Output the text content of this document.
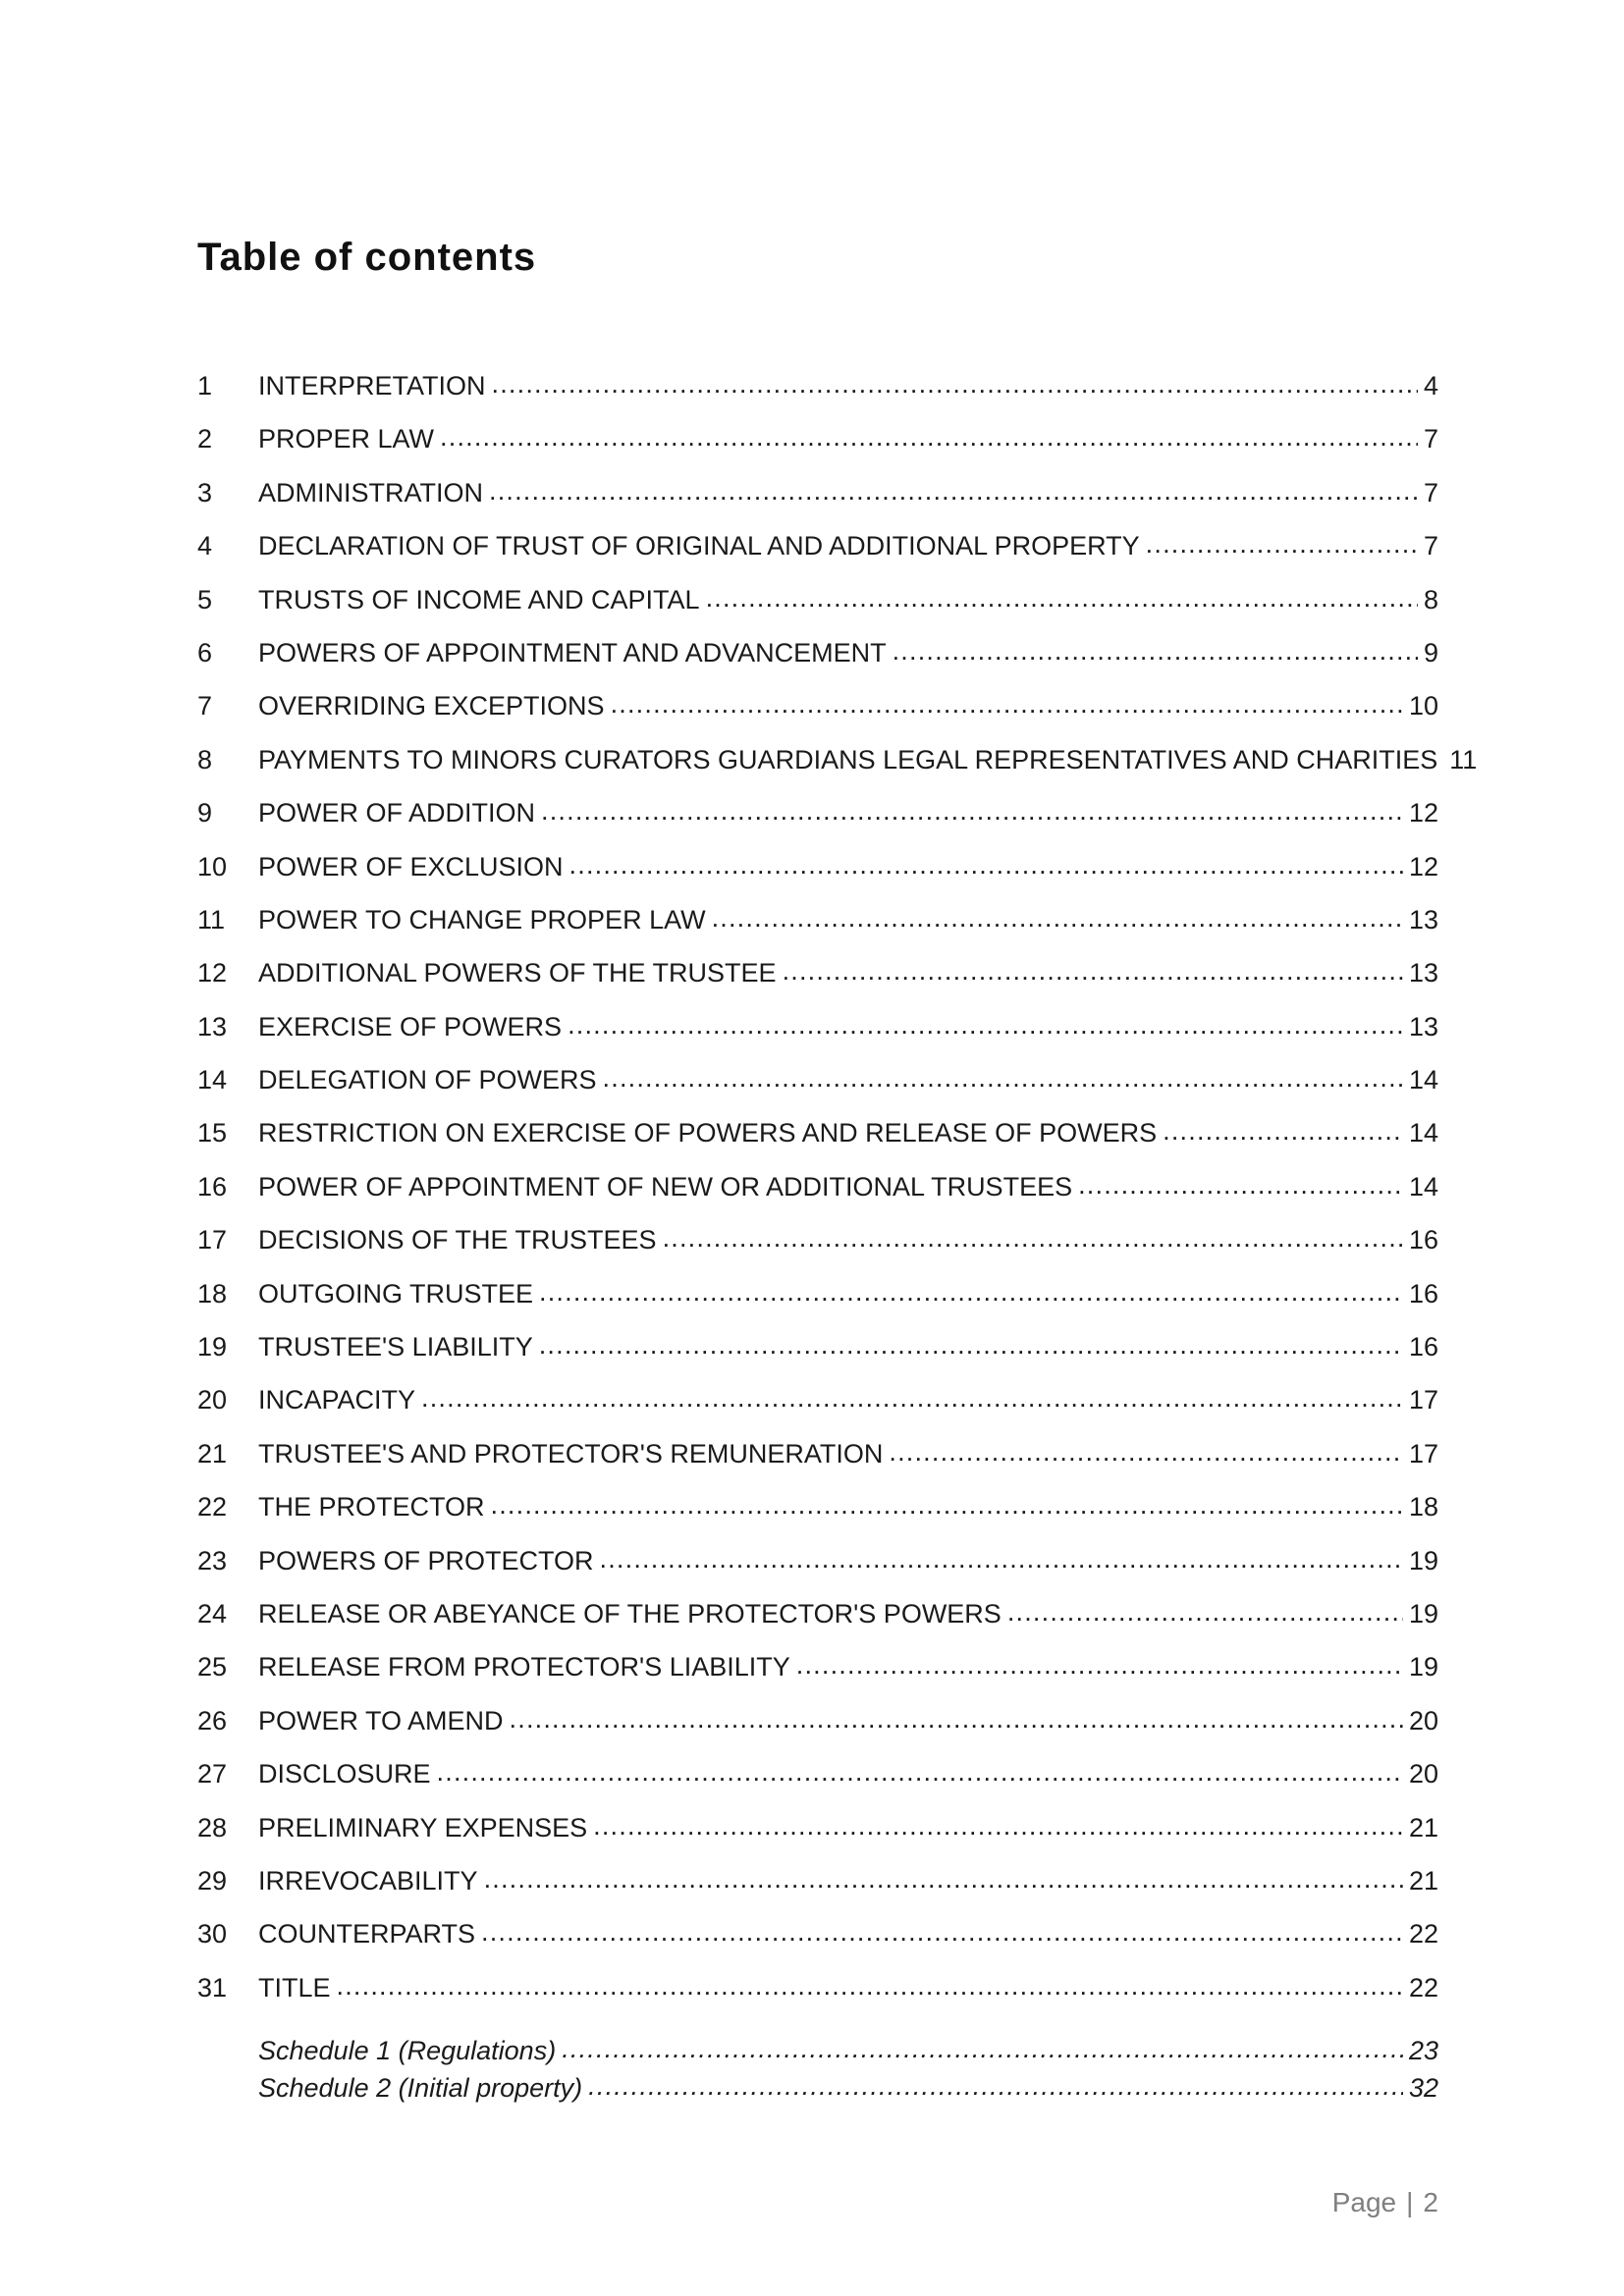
Table of contents
1	INTERPRETATION .....	4
2	PROPER LAW .....	7
3	ADMINISTRATION .....	7
4	DECLARATION OF TRUST OF ORIGINAL AND ADDITIONAL PROPERTY .....	7
5	TRUSTS OF INCOME AND CAPITAL .....	8
6	POWERS OF APPOINTMENT AND ADVANCEMENT .....	9
7	OVERRIDING EXCEPTIONS .....	10
8	PAYMENTS TO MINORS CURATORS GUARDIANS LEGAL REPRESENTATIVES AND CHARITIES 11
9	POWER OF ADDITION .....	12
10	POWER OF EXCLUSION .....	12
11	POWER TO CHANGE PROPER LAW .....	13
12	ADDITIONAL POWERS OF THE TRUSTEE .....	13
13	EXERCISE OF POWERS .....	13
14	DELEGATION OF POWERS .....	14
15	RESTRICTION ON EXERCISE OF POWERS AND RELEASE OF POWERS .....	14
16	POWER OF APPOINTMENT OF NEW OR ADDITIONAL TRUSTEES .....	14
17	DECISIONS OF THE TRUSTEES .....	16
18	OUTGOING TRUSTEE .....	16
19	TRUSTEE'S LIABILITY .....	16
20	INCAPACITY .....	17
21	TRUSTEE'S AND PROTECTOR'S REMUNERATION .....	17
22	THE PROTECTOR .....	18
23	POWERS OF PROTECTOR .....	19
24	RELEASE OR ABEYANCE OF THE PROTECTOR'S POWERS .....	19
25	RELEASE FROM PROTECTOR'S LIABILITY .....	19
26	POWER TO AMEND .....	20
27	DISCLOSURE .....	20
28	PRELIMINARY EXPENSES .....	21
29	IRREVOCABILITY .....	21
30	COUNTERPARTS .....	22
31	TITLE .....	22
Schedule 1 (Regulations) .....	23
Schedule 2 (Initial property) .....	32
Page | 2
